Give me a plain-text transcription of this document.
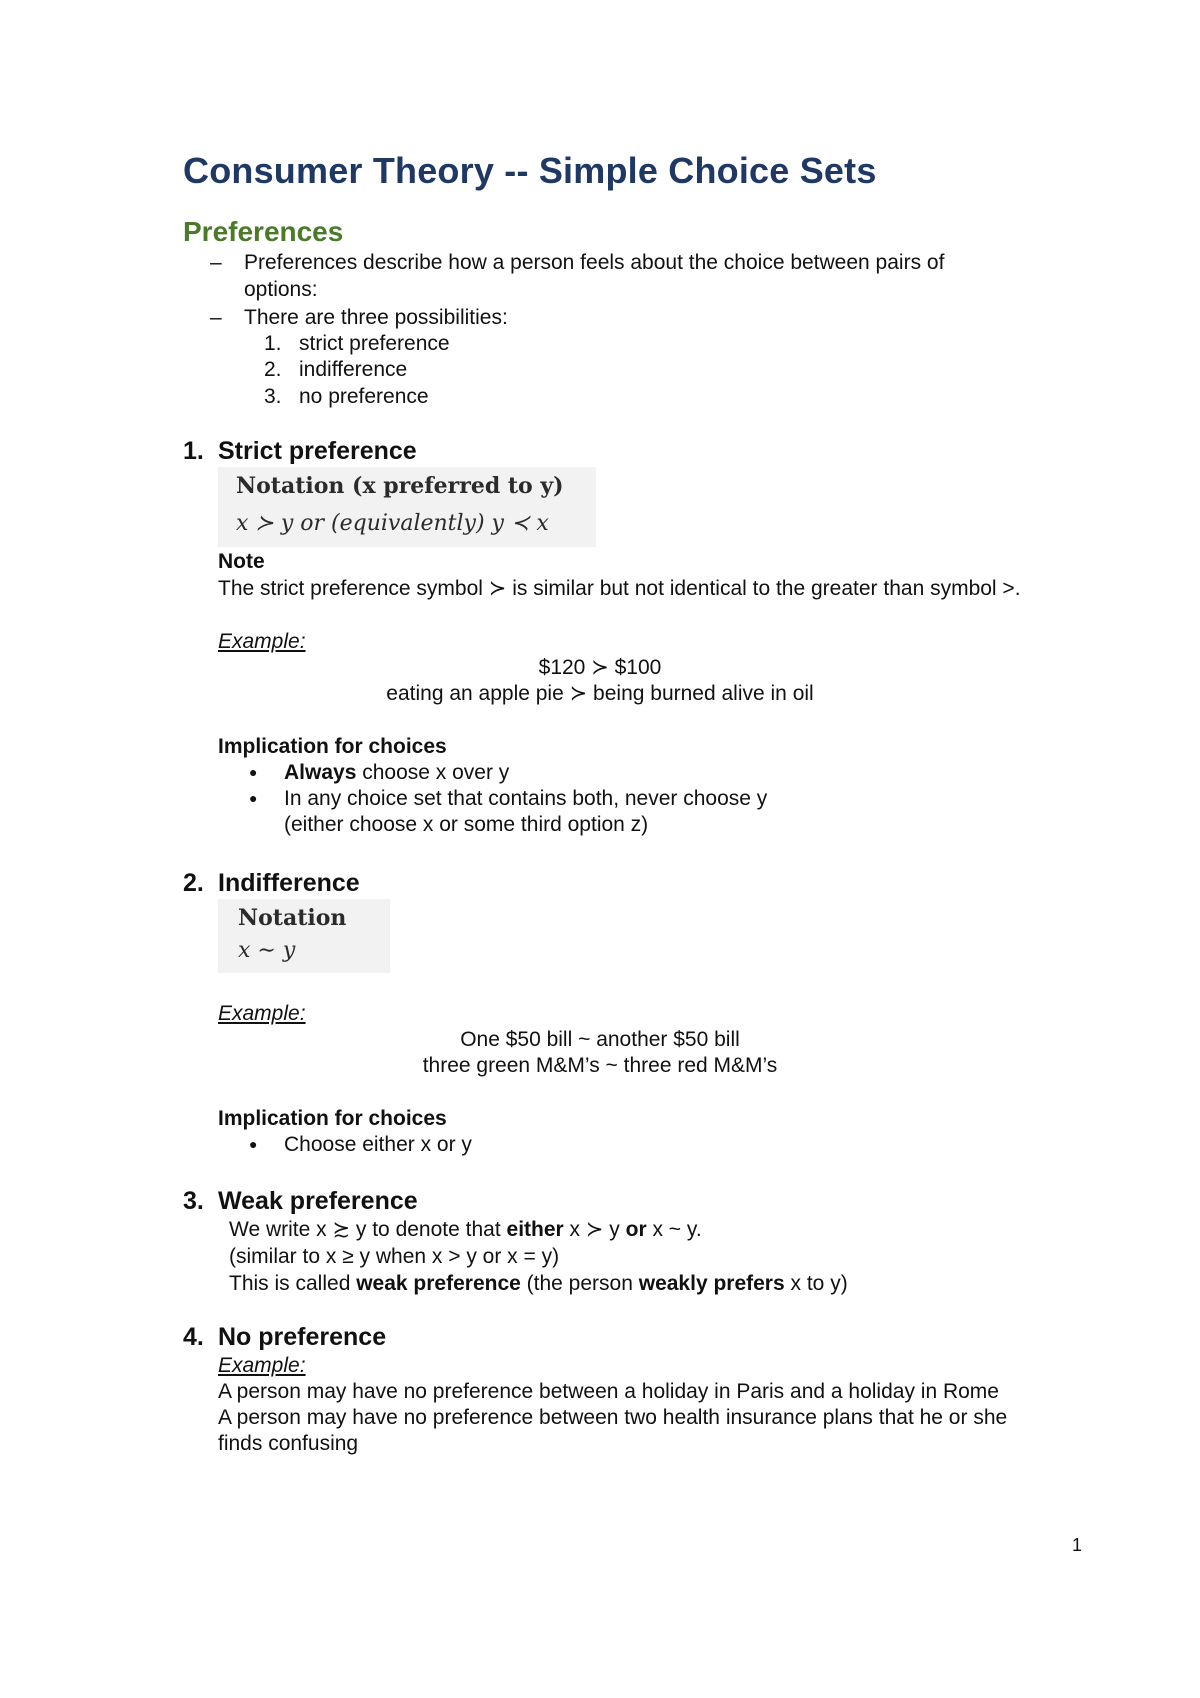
Consumer Theory -- Simple Choice Sets
Preferences
– Preferences describe how a person feels about the choice between pairs of
options:
– There are three possibilities:
1. strict preference
2. indifference
3. no preference
1. Strict preference
Notation (x preferred to y)
x ≻ y or (equivalently) y ≺ x
Note
The strict preference symbol ≻ is similar but not identical to the greater than symbol >.
Example:
$120 ≻ $100
eating an apple pie ≻ being burned alive in oil
Implication for choices
● Always choose x over y
● In any choice set that contains both, never choose y
(either choose x or some third option z)
2. Indifference
Notation
x ∼ y
Example:
One $50 bill ~ another $50 bill
three green M&M’s ~ three red M&M’s
Implication for choices
● Choose either x or y
3. Weak preference
We write x ≿ y to denote that either x ≻ y or x ~ y.
(similar to x ≥ y when x > y or x = y)
This is called weak preference (the person weakly prefers x to y)
4. No preference
Example:
A person may have no preference between a holiday in Paris and a holiday in Rome
A person may have no preference between two health insurance plans that he or she
finds confusing
1
